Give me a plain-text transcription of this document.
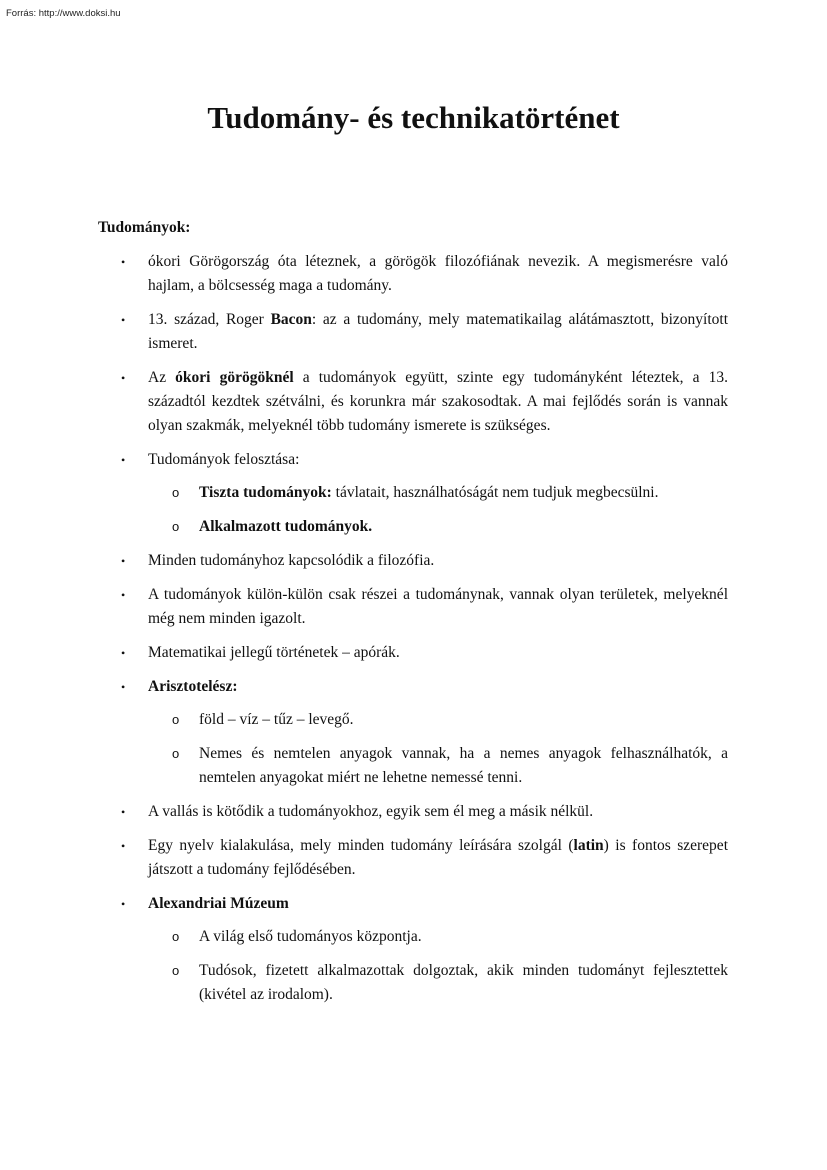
Forrás: http://www.doksi.hu
Tudomány- és technikatörténet
Tudományok:
• ókori Görögország óta léteznek, a görögök filozófiának nevezik. A megismerésre való hajlam, a bölcsesség maga a tudomány.
• 13. század, Roger Bacon: az a tudomány, mely matematikailag alátámasztott, bizonyított ismeret.
• Az ókori görögöknél a tudományok együtt, szinte egy tudományként léteztek, a 13. századtól kezdtek szétválni, és korunkra már szakosodtak. A mai fejlődés során is vannak olyan szakmák, melyeknél több tudomány ismerete is szükséges.
• Tudományok felosztása:
o Tiszta tudományok: távlatait, használhatóságát nem tudjuk megbecsülni.
o Alkalmazott tudományok.
• Minden tudományhoz kapcsolódik a filozófia.
• A tudományok külön-külön csak részei a tudománynak, vannak olyan területek, melyeknél még nem minden igazolt.
• Matematikai jellegű történetek – apórák.
• Arisztotelész:
o föld – víz – tűz – levegő.
o Nemes és nemtelen anyagok vannak, ha a nemes anyagok felhasználhatók, a nemtelen anyagokat miért ne lehetne nemessé tenni.
• A vallás is kötődik a tudományokhoz, egyik sem él meg a másik nélkül.
• Egy nyelv kialakulása, mely minden tudomány leírására szolgál (latin) is fontos szerepet játszott a tudomány fejlődésében.
• Alexandriai Múzeum
o A világ első tudományos központja.
o Tudósok, fizetett alkalmazottak dolgoztak, akik minden tudományt fejlesztettek (kivétel az irodalom).
